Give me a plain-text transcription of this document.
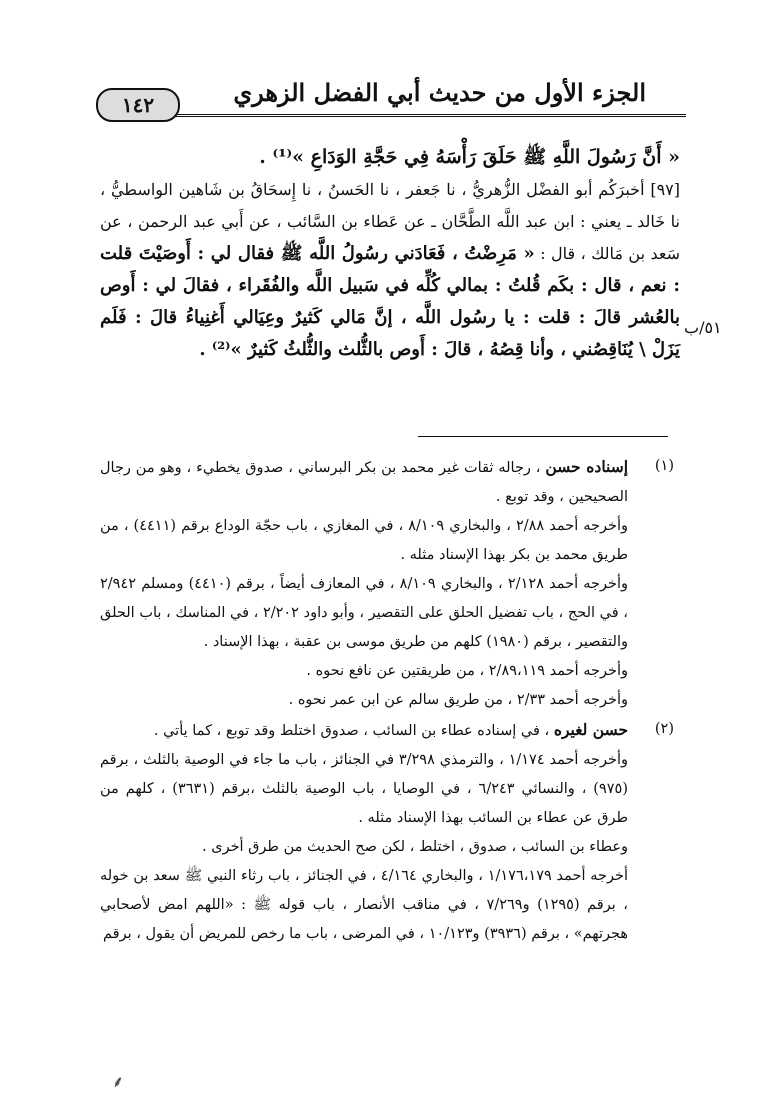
الجزء الأول من حديث أبي الفضل الزهري
١٤٢
٥١/ب

« أَنَّ رَسُولَ اللَّهِ ﷺ حَلَقَ رَأْسَهُ فِي حَجَّةِ الوَدَاعِ »⁽¹⁾ .

[٩٧] أخبرَكُم أبو الفضْل الزُّهريُّ ، نا جَعفر ، نا الحَسنُ ، نا إِسحَاقُ بن شَاهين الواسطيُّ ، نا خَالد ـ يعني : ابن عبد اللَّه الطَّحَّان ـ عن عَطاء بن السَّائب ، عن أَبي عبد الرحمن ، عن سَعد بن مَالك ، قال : « مَرِضْتُ ، فَعَادَني رسُولُ اللَّه ﷺ فقال لي : أَوصَيْتَ قلت : نعم ، قال : بكَم قُلتُ : بمالي كُلِّه في سَبيل اللَّه والفُقَراء ، فقالَ لي : أَوص بالعُشر قالَ : قلت : يا رسُول اللَّه ، إنَّ مَالي كَثيرٌ وعِيَالي أَغنِياءُ قالَ : فَلَم يَزَلْ \ يُنَاقِصُني ، وأنا قِصُهُ ، قالَ : أَوص بالثُّلث والثُّلثُ كَثيرٌ »⁽²⁾ .

(١)

إسناده حسن ، رجاله ثقات غير محمد بن بكر البرساني ، صدوق يخطيء ، وهو من رجال الصحيحين ، وقد توبع .

وأخرجه أحمد ٢/٨٨ ، والبخاري ٨/١٠٩ ، في المغازي ، باب حجّة الوداع برقم (٤٤١١) ، من طريق محمد بن بكر بهذا الإسناد مثله .

وأخرجه أحمد ٢/١٢٨ ، والبخاري ٨/١٠٩ ، في المعازف أيضاً ، برقم (٤٤١٠) ومسلم ٢/٩٤٢ ، في الحج ، باب تفضيل الحلق على التقصير ، وأبو داود ٢/٢٠٢ ، في المناسك ، باب الحلق والتقصير ، برقم (١٩٨٠) كلهم من طريق موسى بن عقبة ، بهذا الإسناد .

وأخرجه أحمد ٢/٨٩،١١٩ ، من طريقتين عن نافع نحوه .

وأخرجه أحمد ٢/٣٣ ، من طريق سالم عن ابن عمر نحوه .

(٢)

حسن لغيره ، في إسناده عطاء بن السائب ، صدوق اختلط وقد توبع ، كما يأتي .

وأخرجه أحمد ١/١٧٤ ، والترمذي ٣/٢٩٨ في الجنائز ، باب ما جاء في الوصية بالثلث ، برقم (٩٧٥) ، والنسائي ٦/٢٤٣ ، في الوصايا ، باب الوصية بالثلث ،برقم (٣٦٣١) ، كلهم من طرق عن عطاء بن السائب بهذا الإسناد مثله .

وعطاء بن السائب ، صدوق ، اختلط ، لكن صح الحديث من طرق أخرى .

أخرجه أحمد ١/١٧٦،١٧٩ ، والبخاري ٤/١٦٤ ، في الجنائز ، باب رثاء النبي ﷺ سعد بن خوله ، برقم (١٢٩٥) و٧/٢٦٩ ، في مناقب الأنصار ، باب قوله ﷺ : «اللهم امض لأصحابي هجرتهم» ، برقم (٣٩٣٦) و١٠/١٢٣ ، في المرضى ، باب ما رخص للمريض أن يقول ، برقم

⸙
